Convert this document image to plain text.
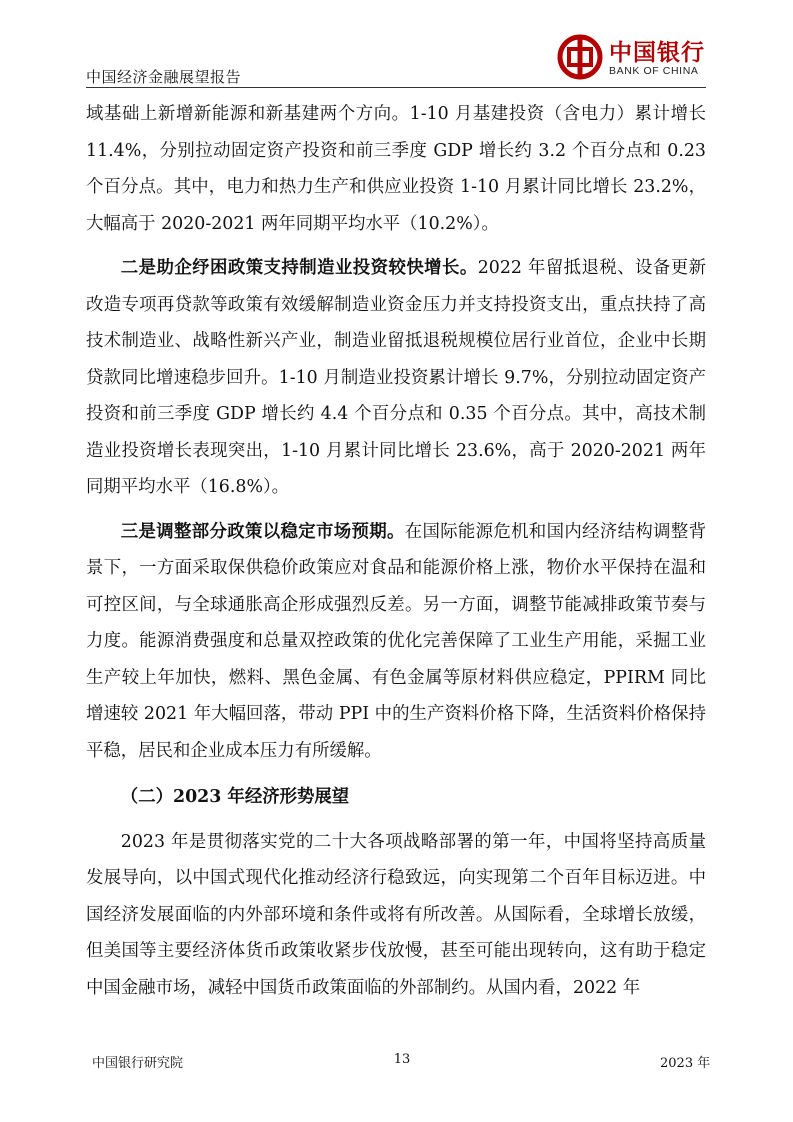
中国经济金融展望报告
中国银行
BANK OF CHINA

域基础上新增新能源和新基建两个方向。1-10 月基建投资（含电力）累计增长 11.4%，分别拉动固定资产投资和前三季度 GDP 增长约 3.2 个百分点和 0.23 个百分点。其中，电力和热力生产和供应业投资 1-10 月累计同比增长 23.2%，大幅高于 2020-2021 两年同期平均水平（10.2%）。

二是助企纾困政策支持制造业投资较快增长。2022 年留抵退税、设备更新改造专项再贷款等政策有效缓解制造业资金压力并支持投资支出，重点扶持了高技术制造业、战略性新兴产业，制造业留抵退税规模位居行业首位，企业中长期贷款同比增速稳步回升。1-10 月制造业投资累计增长 9.7%，分别拉动固定资产投资和前三季度 GDP 增长约 4.4 个百分点和 0.35 个百分点。其中，高技术制造业投资增长表现突出，1-10 月累计同比增长 23.6%，高于 2020-2021 两年同期平均水平（16.8%）。

三是调整部分政策以稳定市场预期。在国际能源危机和国内经济结构调整背景下，一方面采取保供稳价政策应对食品和能源价格上涨，物价水平保持在温和可控区间，与全球通胀高企形成强烈反差。另一方面，调整节能减排政策节奏与力度。能源消费强度和总量双控政策的优化完善保障了工业生产用能，采掘工业生产较上年加快，燃料、黑色金属、有色金属等原材料供应稳定，PPIRM 同比增速较 2021 年大幅回落，带动 PPI 中的生产资料价格下降，生活资料价格保持平稳，居民和企业成本压力有所缓解。

（二）2023 年经济形势展望

2023 年是贯彻落实党的二十大各项战略部署的第一年，中国将坚持高质量发展导向，以中国式现代化推动经济行稳致远，向实现第二个百年目标迈进。中国经济发展面临的内外部环境和条件或将有所改善。从国际看，全球增长放缓，但美国等主要经济体货币政策收紧步伐放慢，甚至可能出现转向，这有助于稳定中国金融市场，减轻中国货币政策面临的外部制约。从国内看，2022 年

中国银行研究院	13	2023 年
